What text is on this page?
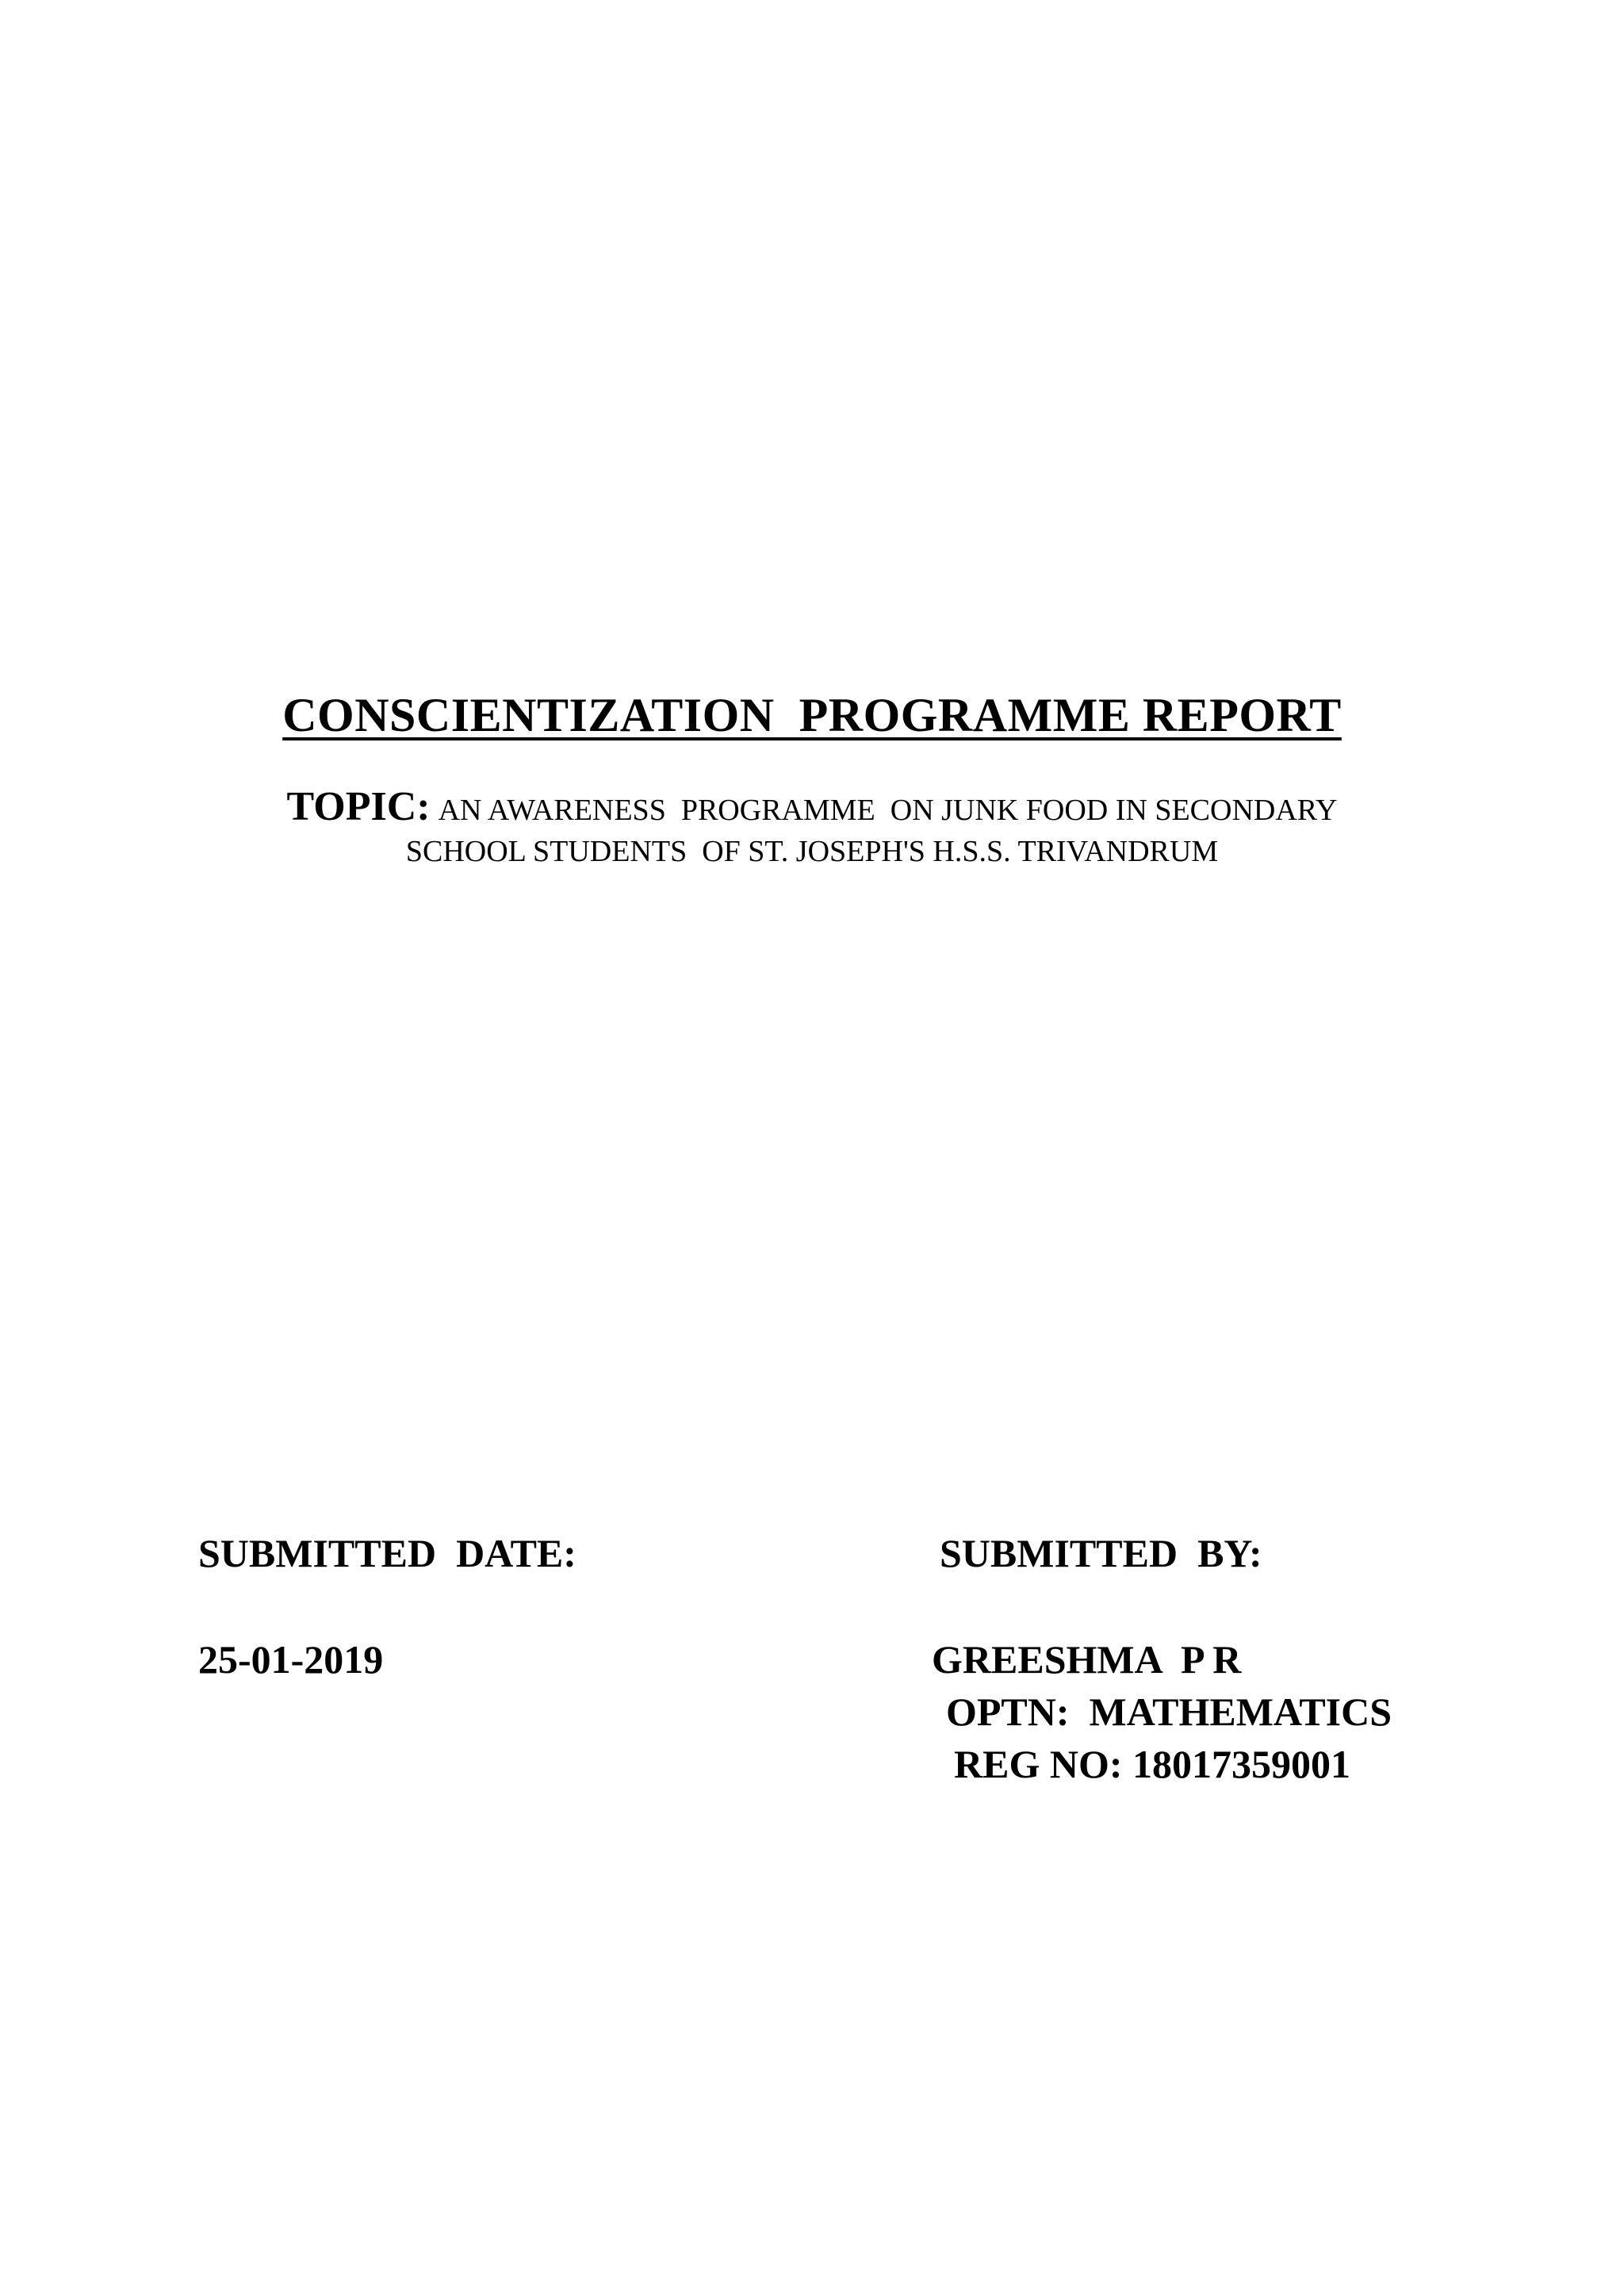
CONSCIENTIZATION  PROGRAMME REPORT
TOPIC: AN AWARENESS  PROGRAMME  ON JUNK FOOD IN SECONDARY
SCHOOL STUDENTS  OF ST. JOSEPH'S H.S.S. TRIVANDRUM
SUBMITTED  DATE:
25-01-2019
SUBMITTED  BY:
GREESHMA  P R
OPTN:  MATHEMATICS
REG NO: 18017359001
